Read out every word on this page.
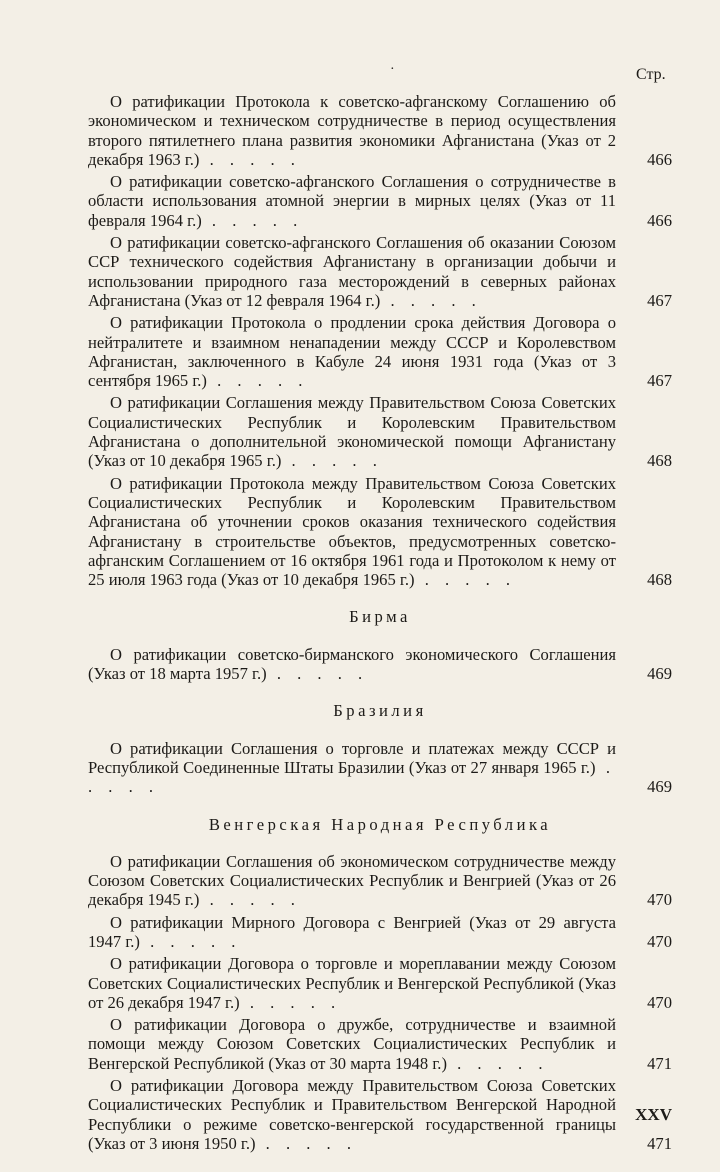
·	Стр.
О ратификации Протокола к советско-афганскому Соглашению об экономическом и техническом сотрудничестве в период осуществления второго пятилетнего плана развития экономики Афганистана (Указ от 2 декабря 1963 г.) . . . . .	466
О ратификации советско-афганского Соглашения о сотрудничестве в области использования атомной энергии в мирных целях (Указ от 11 февраля 1964 г.) . . . . .	466
О ратификации советско-афганского Соглашения об оказании Союзом ССР технического содействия Афганистану в организации добычи и использовании природного газа месторождений в северных районах Афганистана (Указ от 12 февраля 1964 г.) . . . . .	467
О ратификации Протокола о продлении срока действия Договора о нейтралитете и взаимном ненападении между СССР и Королевством Афганистан, заключенного в Кабуле 24 июня 1931 года (Указ от 3 сентября 1965 г.) . . . . .	467
О ратификации Соглашения между Правительством Союза Советских Социалистических Республик и Королевским Правительством Афганистана о дополнительной экономической помощи Афганистану (Указ от 10 декабря 1965 г.) . . . . .	468
О ратификации Протокола между Правительством Союза Советских Социалистических Республик и Королевским Правительством Афганистана об уточнении сроков оказания технического содействия Афганистану в строительстве объектов, предусмотренных советско-афганским Соглашением от 16 октября 1961 года и Протоколом к нему от 25 июля 1963 года (Указ от 10 декабря 1965 г.) . . . . .	468
Бирма
О ратификации советско-бирманского экономического Соглашения (Указ от 18 марта 1957 г.) . . . . .	469
Бразилия
О ратификации Соглашения о торговле и платежах между СССР и Республикой Соединенные Штаты Бразилии (Указ от 27 января 1965 г.) . . . . .	469
Венгерская Народная Республика
О ратификации Соглашения об экономическом сотрудничестве между Союзом Советских Социалистических Республик и Венгрией (Указ от 26 декабря 1945 г.) . . . . .	470
О ратификации Мирного Договора с Венгрией (Указ от 29 августа 1947 г.) . . . . .	470
О ратификации Договора о торговле и мореплавании между Союзом Советских Социалистических Республик и Венгерской Республикой (Указ от 26 декабря 1947 г.) . . . . .	470
О ратификации Договора о дружбе, сотрудничестве и взаимной помощи между Союзом Советских Социалистических Республик и Венгерской Республикой (Указ от 30 марта 1948 г.) . . . . .	471
О ратификации Договора между Правительством Союза Советских Социалистических Республик и Правительством Венгерской Народной Республики о режиме советско-венгерской государственной границы (Указ от 3 июня 1950 г.) . . . . .	471
XXV
